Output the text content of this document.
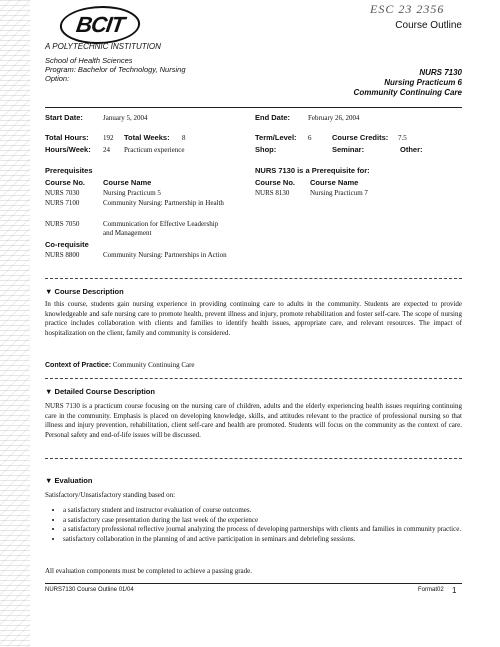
BCIT
A POLYTECHNIC INSTITUTION
ESC 23 2356
Course Outline
School of Health Sciences
Program: Bachelor of Technology, Nursing
Option:
NURS 7130
Nursing Practicum 6
Community Continuing Care
Start Date:	January 5, 2004	End Date:	February 26, 2004
Total Hours: 192 Total Weeks: 8	Term/Level: 6	Course Credits: 7.5
Hours/Week: 24 Practicum experience	Shop:	Seminar:	Other:
Prerequisites
Course No. Course Name
NURS 7030	Nursing Practicum 5
NURS 7100	Community Nursing: Partnership in Health
NURS 7050	Communication for Effective Leadership and Management
Co-requisite
NURS 8800	Community Nursing: Partnerships in Action
NURS 7130 is a Prerequisite for:
Course No. Course Name
NURS 8130	Nursing Practicum 7
▼ Course Description
In this course, students gain nursing experience in providing continuing care to adults in the community. Students are expected to provide knowledgeable and safe nursing care to promote health, prevent illness and injury, promote rehabilitation and foster self-care. The scope of nursing practice includes collaboration with clients and families to identify health issues, appropriate care, and relevant resources. The impact of hospitalization on the client, family and community is considered.
Context of Practice: Community Continuing Care
▼ Detailed Course Description
NURS 7130 is a practicum course focusing on the nursing care of children, adults and the elderly experiencing health issues requiring continuing care in the community. Emphasis is placed on developing knowledge, skills, and attitudes relevant to the practice of professional nursing so that illness and injury prevention, rehabilitation, client self-care and health are promoted. Students will focus on the community as the context of care. Personal safety and end-of-life issues will be discussed.
▼ Evaluation
Satisfactory/Unsatisfactory standing based on:
• a satisfactory student and instructor evaluation of course outcomes.
• a satisfactory case presentation during the last week of the experience
• a satisfactory professional reflective journal analyzing the process of developing partnerships with clients and families in community practice.
• satisfactory collaboration in the planning of and active participation in seminars and debriefing sessions.
All evaluation components must be completed to achieve a passing grade.
NURS7130 Course Outline 01/04	Format02 1
